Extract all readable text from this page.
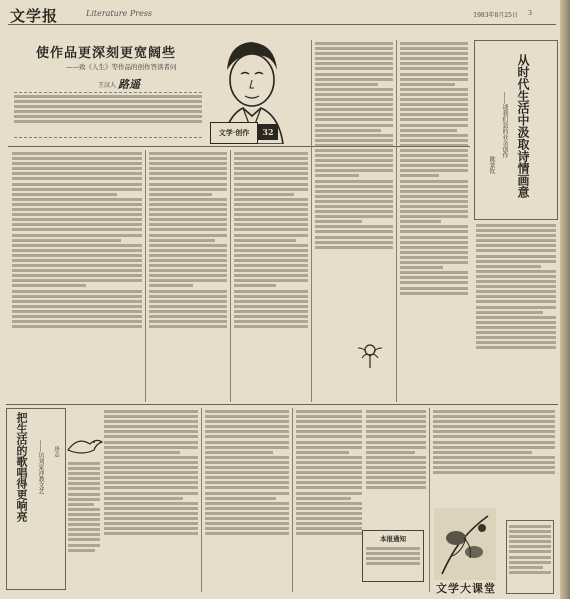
文学报	Literature Press	1983年8月25日 3
使作品更深刻更宽阔些
——致《人生》等作品的创作答读者问
王汉人 路遥
文学·创作	32	从时代生活中汲取诗情画意
——谈我们县的业余创作
陈景钦
把生活的歌唱得更响亮	——访刘家冲教文艺	唐志
本报通知
文学大课堂
